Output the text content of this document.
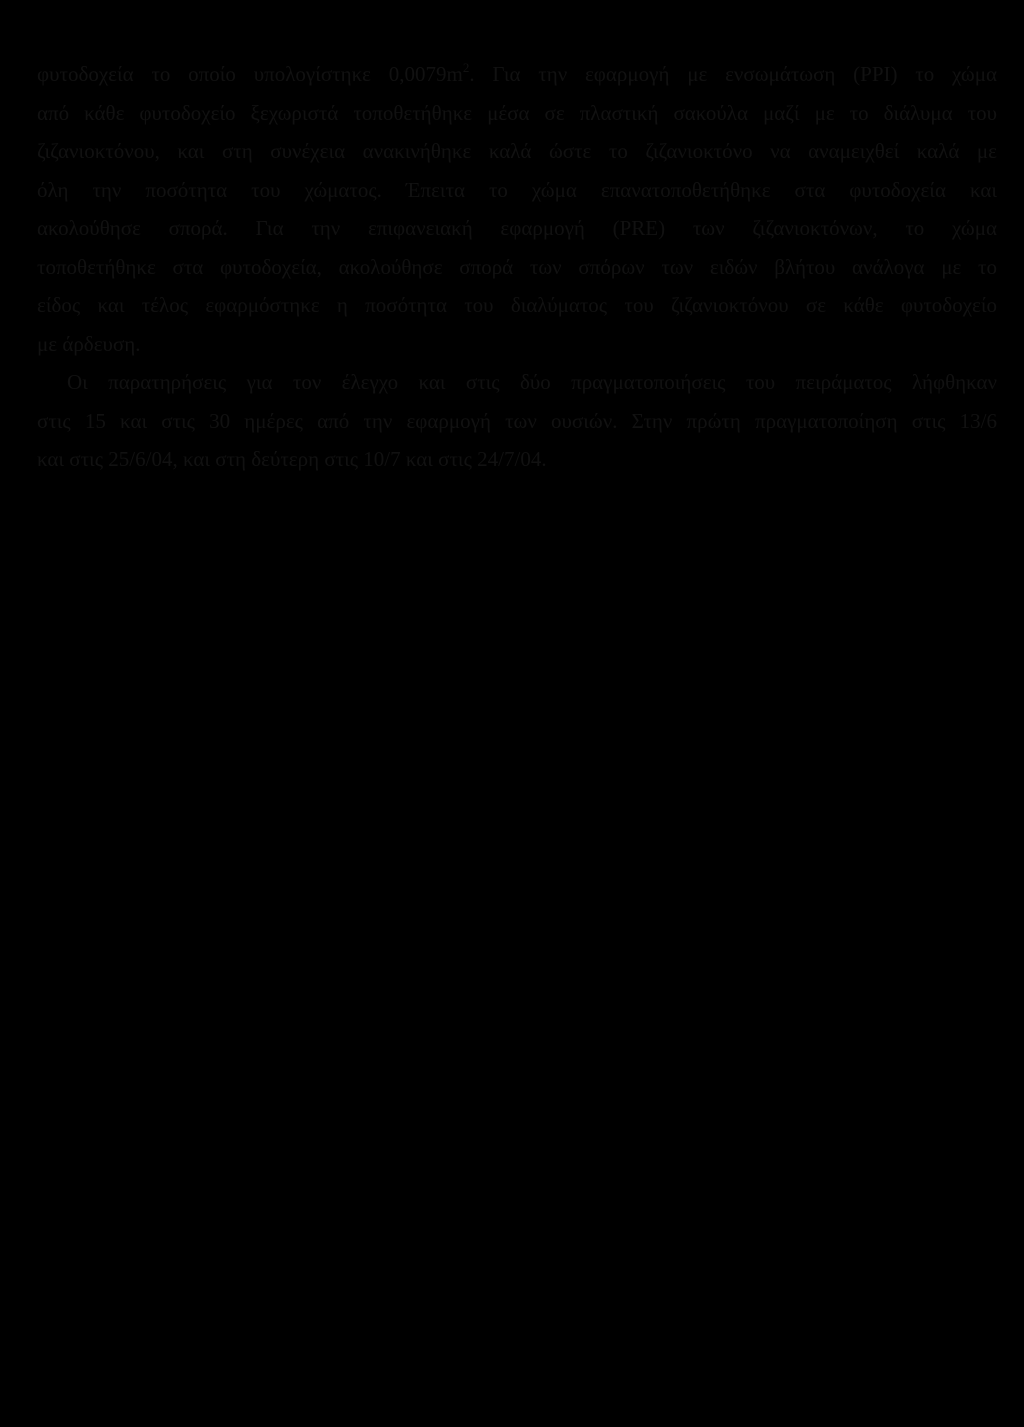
φυτοδοχεία το οποίο υπολογίστηκε $0,0079m^2$. Για την εφαρμογή με ενσωμάτωση (PPI) το χώμα
από κάθε φυτοδοχείο ξεχωριστά τοποθετήθηκε μέσα σε πλαστική σακούλα μαζί με το διάλυμα του
ζιζανιοκτόνου, και στη συνέχεια ανακινήθηκε καλά ώστε το ζιζανιοκτόνο να αναμειχθεί καλά με
όλη την ποσότητα του χώματος. Έπειτα το χώμα επανατοποθετήθηκε στα φυτοδοχεία και
ακολούθησε σπορά. Για την επιφανειακή εφαρμογή (PRE) των ζιζανιοκτόνων, το χώμα
τοποθετήθηκε στα φυτοδοχεία, ακολούθησε σπορά των σπόρων των ειδών βλήτου ανάλογα με το
είδος και τέλος εφαρμόστηκε η ποσότητα του διαλύματος του ζιζανιοκτόνου σε κάθε φυτοδοχείο
με άρδευση.
Οι παρατηρήσεις για τον έλεγχο και στις δύο πραγματοποιήσεις του πειράματος λήφθηκαν
στις 15 και στις 30 ημέρες από την εφαρμογή των ουσιών. Στην πρώτη πραγματοποίηση στις 13/6
και στις 25/6/04, και στη δεύτερη στις 10/7 και στις 24/7/04.
